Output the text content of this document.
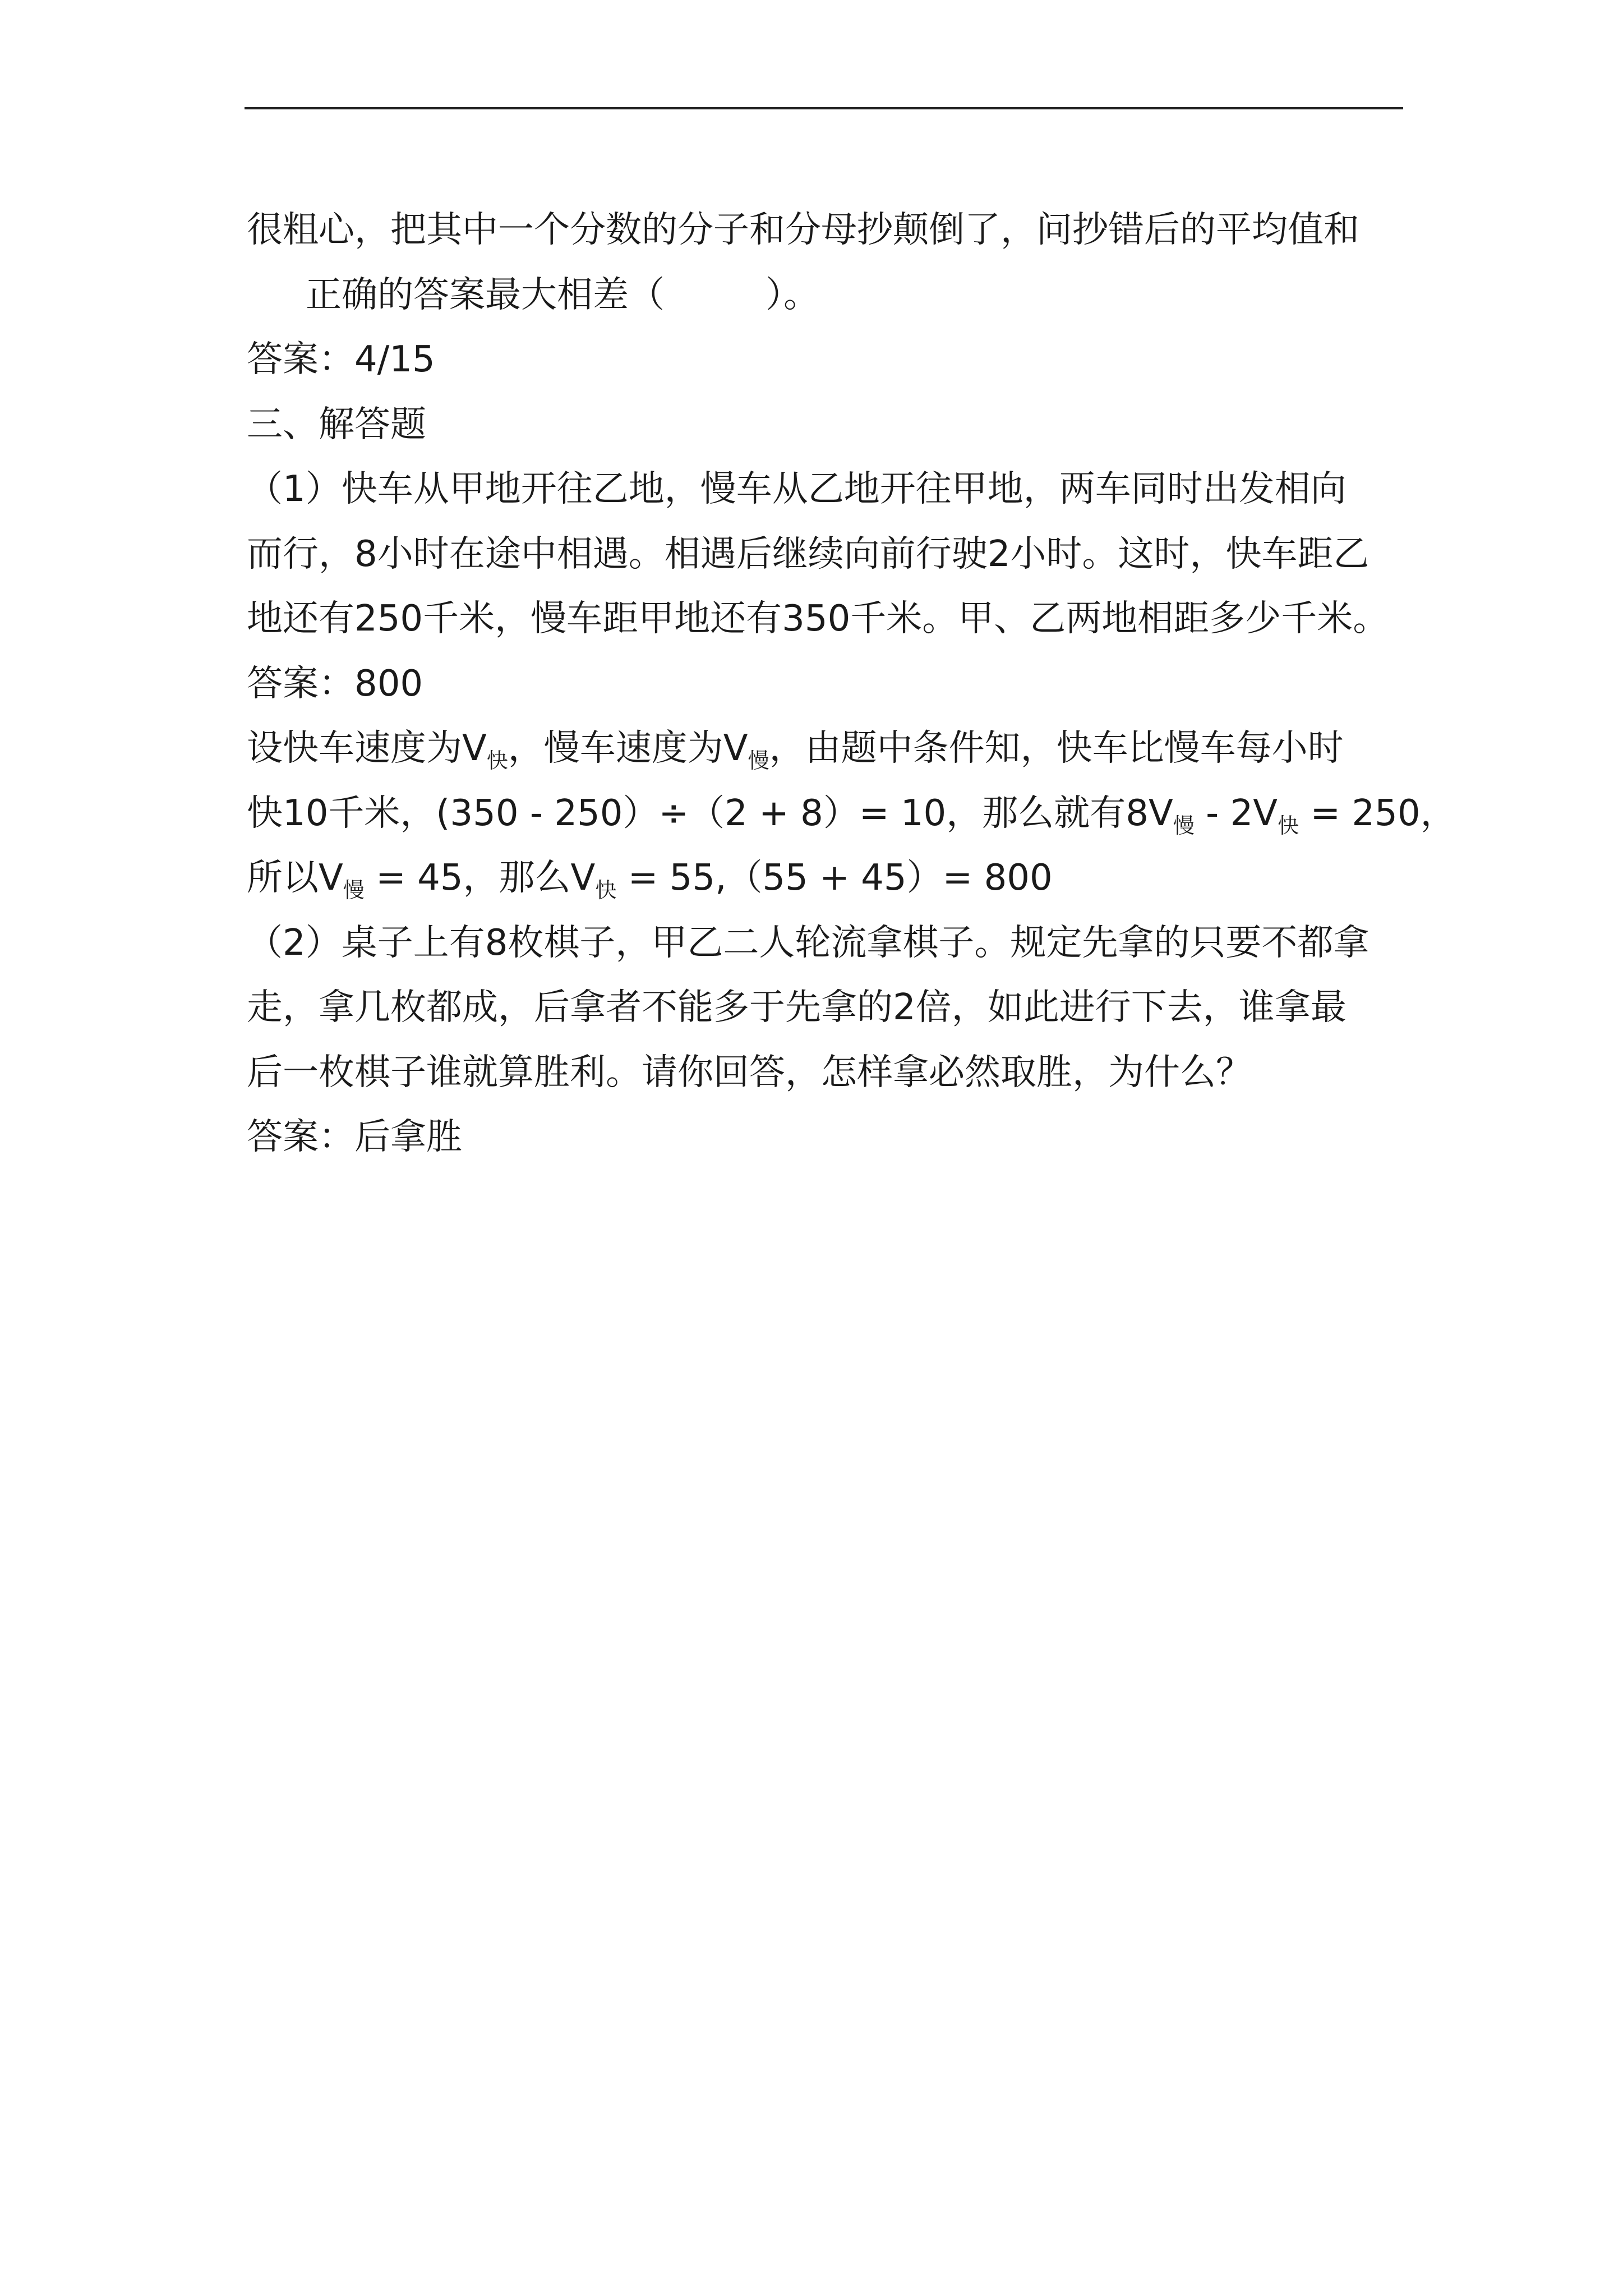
很粗心，把其中一个分数的分子和分母抄颠倒了，问抄错后的平均值和
正确的答案最大相差（	）。
答案：4/15
三、解答题
（1）快车从甲地开往乙地，慢车从乙地开往甲地，两车同时出发相向
而行，8小时在途中相遇。相遇后继续向前行驶2小时。这时，快车距乙
地还有250千米，慢车距甲地还有350千米。甲、乙两地相距多少千米。
答案：800
设快车速度为$V_快$，慢车速度为$V_慢$，由题中条件知，快车比慢车每小时
快10千米，(350 - 250）÷（2 + 8）= 10，那么就有$8V_慢 - 2V_快 = 250$，
所以$V_慢 = 45$，那么$V_快 = 55,(55 + 45)= 800$
（2）桌子上有8枚棋子，甲乙二人轮流拿棋子。规定先拿的只要不都拿
走，拿几枚都成，后拿者不能多于先拿的2倍，如此进行下去，谁拿最
后一枚棋子谁就算胜利。请你回答，怎样拿必然取胜，为什么？
答案：后拿胜
